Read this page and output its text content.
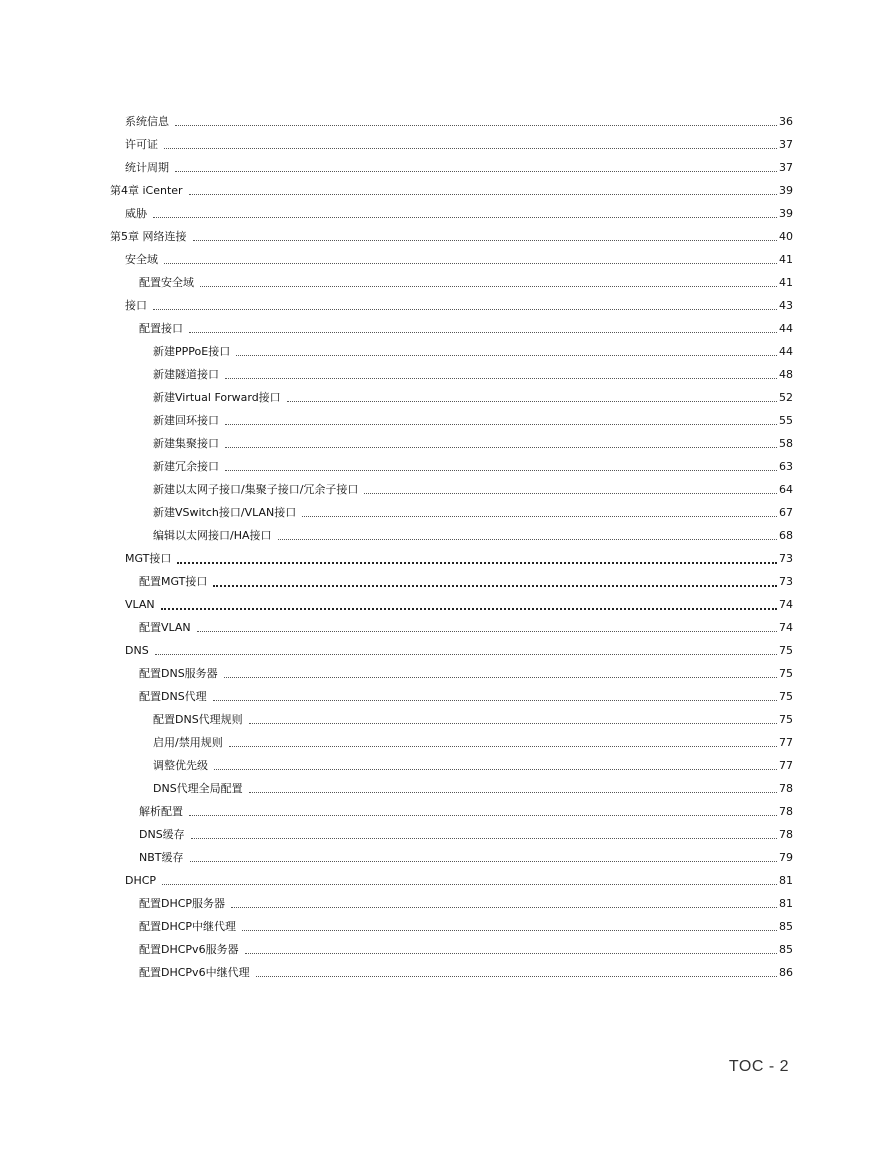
系统信息	36
许可证	37
统计周期	37
第4章 iCenter	39
威胁	39
第5章 网络连接	40
安全域	41
配置安全域	41
接口	43
配置接口	44
新建PPPoE接口	44
新建隧道接口	48
新建Virtual Forward接口	52
新建回环接口	55
新建集聚接口	58
新建冗余接口	63
新建以太网子接口/集聚子接口/冗余子接口	64
新建VSwitch接口/VLAN接口	67
编辑以太网接口/HA接口	68
MGT接口	73
配置MGT接口	73
VLAN	74
配置VLAN	74
DNS	75
配置DNS服务器	75
配置DNS代理	75
配置DNS代理规则	75
启用/禁用规则	77
调整优先级	77
DNS代理全局配置	78
解析配置	78
DNS缓存	78
NBT缓存	79
DHCP	81
配置DHCP服务器	81
配置DHCP中继代理	85
配置DHCPv6服务器	85
配置DHCPv6中继代理	86
TOC - 2
